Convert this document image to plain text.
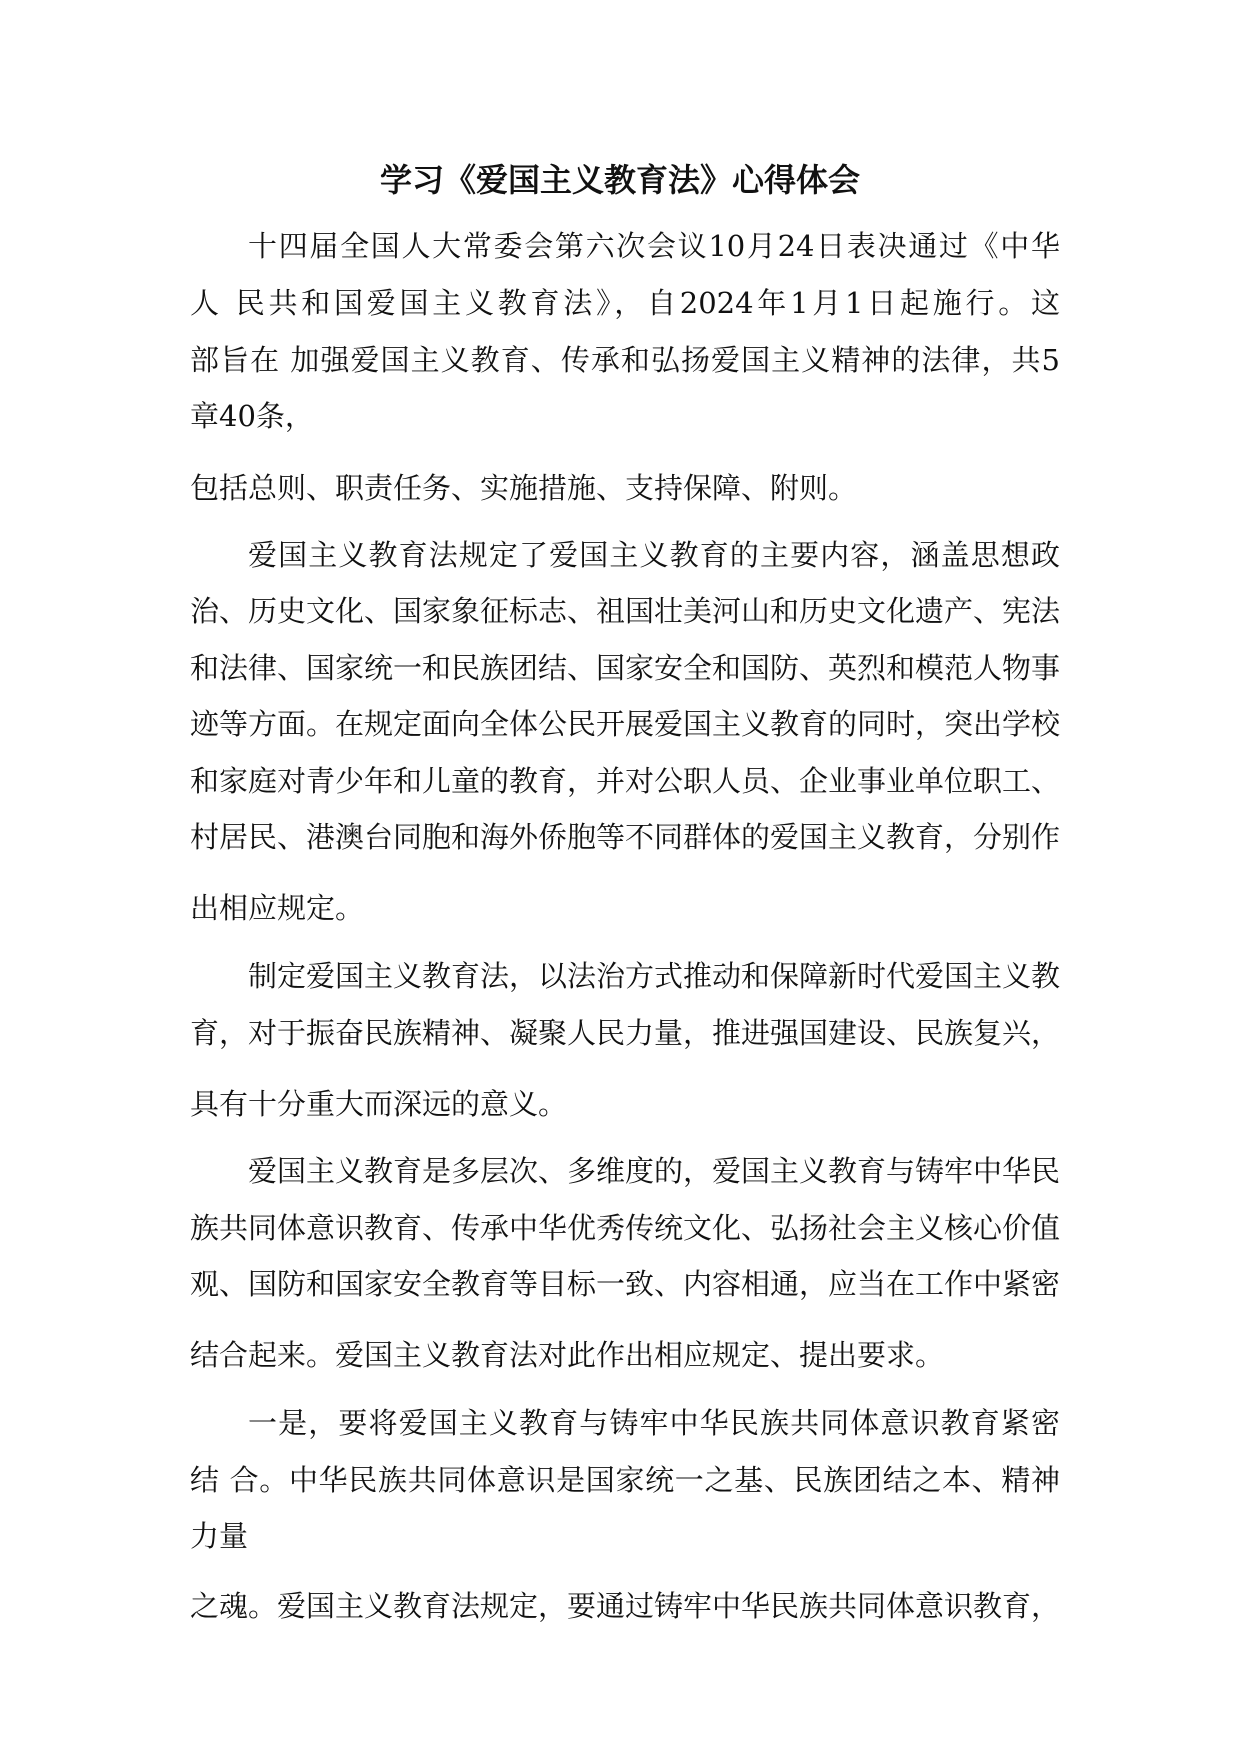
学习《爱国主义教育法》心得体会

十四届全国人大常委会第六次会议10月24日表决通过《中华

人 民共和国爱国主义教育法》，自2024年1月1日起施行。这

部旨在 加强爱国主义教育、传承和弘扬爱国主义精神的法律，共5

章40条，

包括总则、职责任务、实施措施、支持保障、附则。

爱国主义教育法规定了爱国主义教育的主要内容，涵盖思想政

治、历史文化、国家象征标志、祖国壮美河山和历史文化遗产、宪法

和法律、国家统一和民族团结、国家安全和国防、英烈和模范人物事

迹等方面。在规定面向全体公民开展爱国主义教育的同时，突出学校

和家庭对青少年和儿童的教育，并对公职人员、企业事业单位职工、

村居民、港澳台同胞和海外侨胞等不同群体的爱国主义教育，分别作

出相应规定。

制定爱国主义教育法，以法治方式推动和保障新时代爱国主义教

育，对于振奋民族精神、凝聚人民力量，推进强国建设、民族复兴，

具有十分重大而深远的意义。

爱国主义教育是多层次、多维度的，爱国主义教育与铸牢中华民

族共同体意识教育、传承中华优秀传统文化、弘扬社会主义核心价值

观、国防和国家安全教育等目标一致、内容相通，应当在工作中紧密

结合起来。爱国主义教育法对此作出相应规定、提出要求。

一是，要将爱国主义教育与铸牢中华民族共同体意识教育紧密

结 合。中华民族共同体意识是国家统一之基、民族团结之本、精神

力量

之魂。爱国主义教育法规定，要通过铸牢中华民族共同体意识教育，
